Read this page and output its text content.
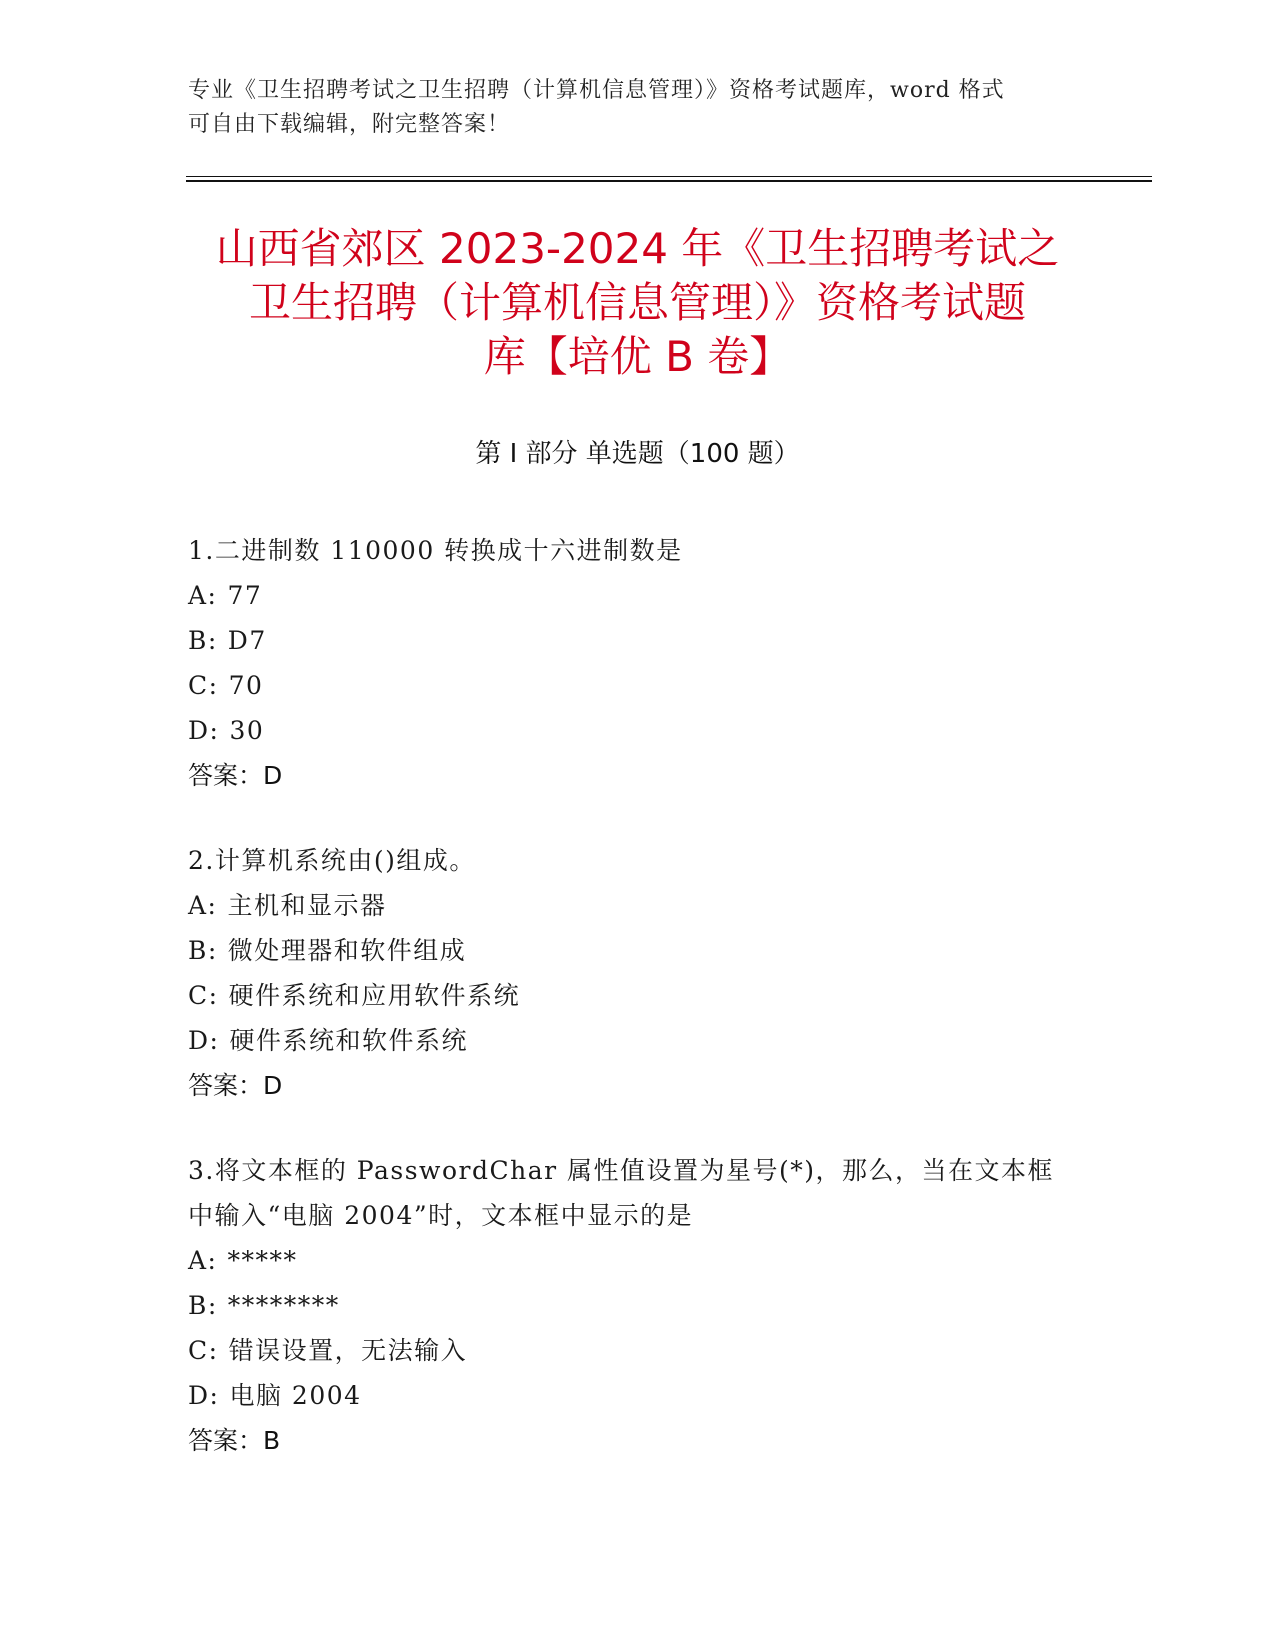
专业《卫生招聘考试之卫生招聘（计算机信息管理）》资格考试题库，word 格式
可自由下载编辑，附完整答案！
山西省郊区 2023-2024 年《卫生招聘考试之
卫生招聘（计算机信息管理）》资格考试题
库【培优 B 卷】
第 I 部分 单选题（100 题）
1.二进制数 110000 转换成十六进制数是
A: 77
B: D7
C: 70
D: 30
答案：D
2.计算机系统由()组成。
A: 主机和显示器
B: 微处理器和软件组成
C: 硬件系统和应用软件系统
D: 硬件系统和软件系统
答案：D
3.将文本框的 PasswordChar 属性值设置为星号(*)，那么，当在文本框中输入“电脑 2004”时，文本框中显示的是
A: *****
B: ********
C: 错误设置，无法输入
D: 电脑 2004
答案：B
